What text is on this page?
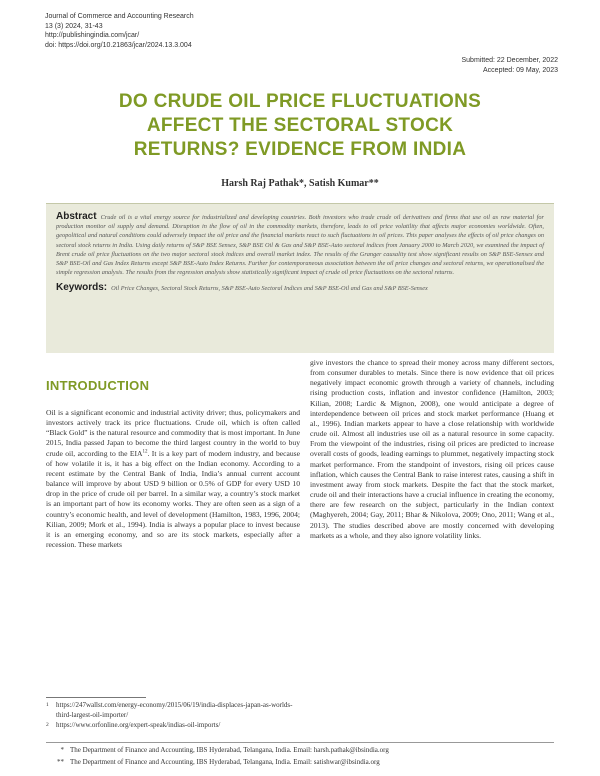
Journal of Commerce and Accounting Research
13 (3) 2024, 31-43
http://publishingindia.com/jcar/
doi: https://doi.org/10.21863/jcar/2024.13.3.004
Submitted: 22 December, 2022
Accepted: 09 May, 2023
DO CRUDE OIL PRICE FLUCTUATIONS
AFFECT THE SECTORAL STOCK
RETURNS? EVIDENCE FROM INDIA
Harsh Raj Pathak*, Satish Kumar**

Abstract Crude oil is a vital energy source for industrialized and developing countries. Both investors who trade crude oil derivatives and firms that use oil as raw material for production monitor oil supply and demand. Disruption in the flow of oil in the commodity markets, therefore, leads to oil price volatility that affects major economies worldwide. Often, geopolitical and natural conditions could adversely impact the oil price and the financial markets react to such fluctuations in oil prices. This paper analyses the effects of oil price changes on sectoral stock returns in India. Using daily returns of S&P BSE Sensex, S&P BSE Oil & Gas and S&P BSE-Auto sectoral indices from January 2000 to March 2020, we examined the impact of Brent crude oil price fluctuations on the two major sectoral stock indices and overall market index. The results of the Granger causality test show significant results on S&P BSE-Sensex and S&P BSE-Oil and Gas Index Returns except S&P BSE-Auto Index Returns. Further for contemporaneous association between the oil price changes and sectoral returns, we operationalised the simple regression analysis. The results from the regression analysis show statistically significant impact of crude oil price fluctuations on the sectoral returns.

Keywords: Oil Price Changes, Sectoral Stock Returns, S&P BSE-Auto Sectoral Indices and S&P BSE-Oil and Gas and S&P BSE-Sensex

INTRODUCTION

Oil is a significant economic and industrial activity driver; thus, policymakers and investors actively track its price fluctuations. Crude oil, which is often called “Black Gold” is the natural resource and commodity that is most important. In June 2015, India passed Japan to become the third largest country in the world to buy crude oil, according to the EIA$^{12}$. It is a key part of modern industry, and because of how volatile it is, it has a big effect on the Indian economy. According to a recent estimate by the Central Bank of India, India’s annual current account balance will improve by about USD 9 billion or 0.5% of GDP for every USD 10 drop in the price of crude oil per barrel. In a similar way, a country’s stock market is an important part of how its economy works. They are often seen as a sign of a country’s economic health, and level of development (Hamilton, 1983, 1996, 2004; Kilian, 2009; Mork et al., 1994). India is always a popular place to invest because it is an emerging economy, and so are its stock markets, especially after a recession. These markets

give investors the chance to spread their money across many different sectors, from consumer durables to metals. Since there is now evidence that oil prices negatively impact economic growth through a variety of channels, including rising production costs, inflation and investor confidence (Hamilton, 2003; Kilian, 2008; Lardic & Mignon, 2008), one would anticipate a degree of interdependence between oil prices and stock market performance (Huang et al., 1996). Indian markets appear to have a close relationship with worldwide crude oil. Almost all industries use oil as a natural resource in some capacity. From the viewpoint of the industries, rising oil prices are predicted to increase overall costs of goods, leading earnings to plummet, negatively impacting stock market performance. From the standpoint of investors, rising oil prices cause inflation, which causes the Central Bank to raise interest rates, causing a shift in investment away from stock markets. Despite the fact that the stock market, crude oil and their interactions have a crucial influence in creating the economy, there are few research on the subject, particularly in the Indian context (Maghyereh, 2004; Gay, 2011; Bhar & Nikolova, 2009; Ono, 2011; Wang et al., 2013). The studies described above are mostly concerned with developing markets as a whole, and they also ignore volatility links.

1 https://247wallst.com/energy-economy/2015/06/19/india-displaces-japan-as-worlds-third-largest-oil-importer/
2 https://www.orfonline.org/expert-speak/indias-oil-imports/
* The Department of Finance and Accounting, IBS Hyderabad, Telangana, India. Email: harsh.pathak@ibsindia.org
** The Department of Finance and Accounting, IBS Hyderabad, Telangana, India. Email: satishwar@ibsindia.org
